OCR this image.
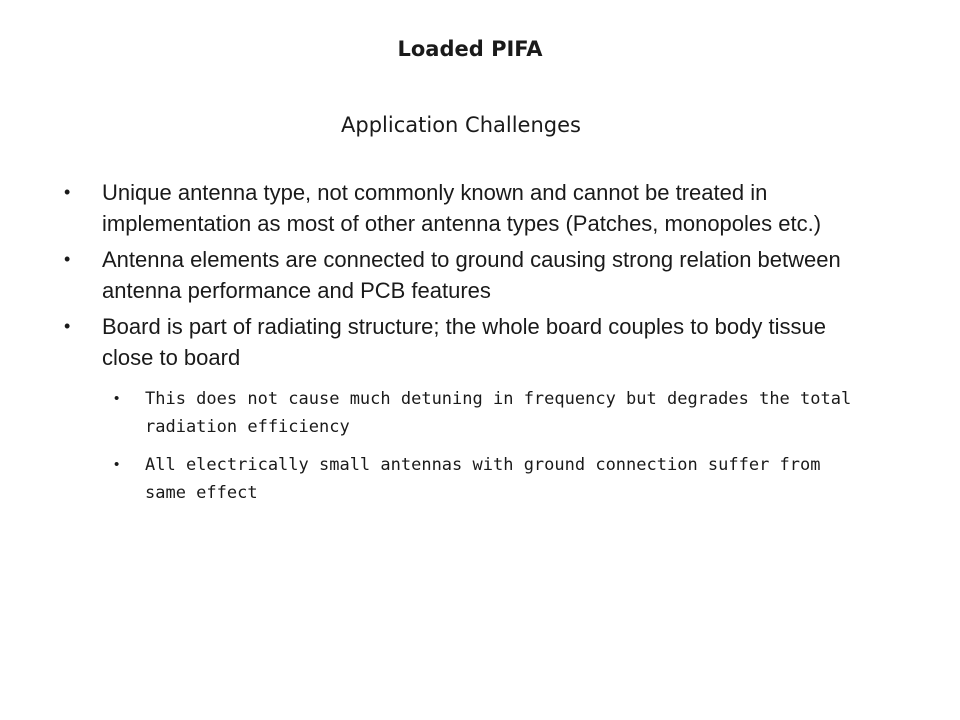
Loaded PIFA
Application Challenges
• Unique antenna type, not commonly known and cannot be treated in implementation as most of other antenna types (Patches, monopoles etc.)
• Antenna elements are connected to ground causing strong relation between antenna performance and PCB features
• Board is part of radiating structure; the whole board couples to body tissue close to board
• This does not cause much detuning in frequency but degrades the total radiation efficiency
• All electrically small antennas with ground connection suffer from same effect
